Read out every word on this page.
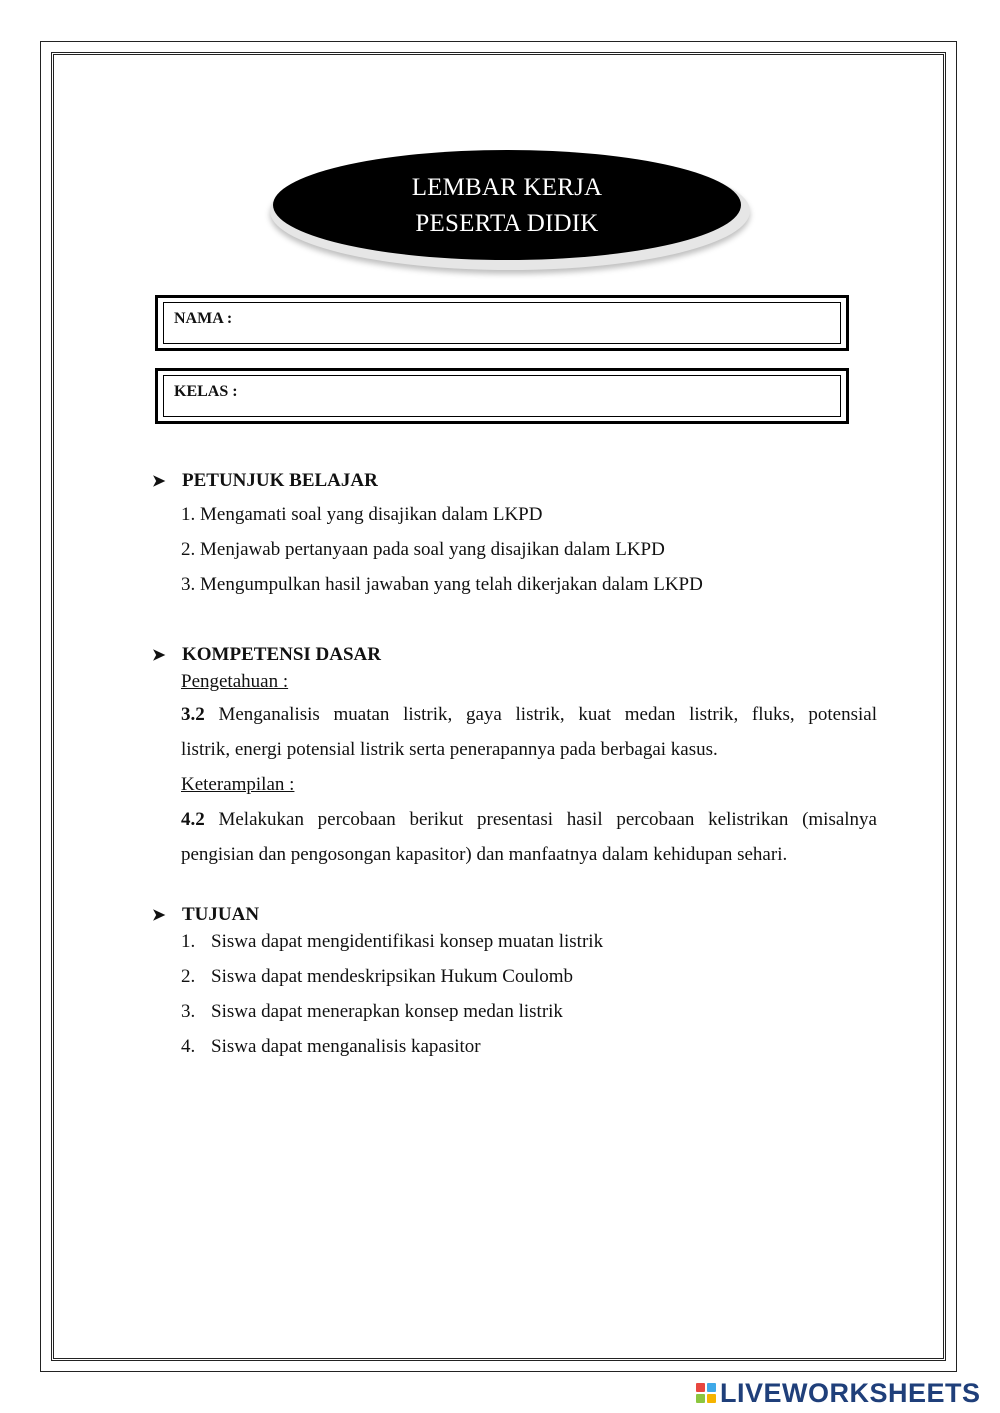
LEMBAR KERJA
PESERTA DIDIK
NAMA :
KELAS :
➤ PETUNJUK BELAJAR
1. Mengamati soal yang disajikan dalam LKPD
2. Menjawab pertanyaan pada soal yang disajikan dalam LKPD
3. Mengumpulkan hasil jawaban yang telah dikerjakan dalam LKPD
➤ KOMPETENSI DASAR
Pengetahuan :
3.2 Menganalisis muatan listrik, gaya listrik, kuat medan listrik, fluks, potensial
listrik, energi potensial listrik serta penerapannya pada berbagai kasus.
Keterampilan :
4.2 Melakukan percobaan berikut presentasi hasil percobaan kelistrikan (misalnya
pengisian dan pengosongan kapasitor) dan manfaatnya dalam kehidupan sehari.
➤ TUJUAN
1. Siswa dapat mengidentifikasi konsep muatan listrik
2. Siswa dapat mendeskripsikan Hukum Coulomb
3. Siswa dapat menerapkan konsep medan listrik
4. Siswa dapat menganalisis kapasitor
LIVEWORKSHEETS
